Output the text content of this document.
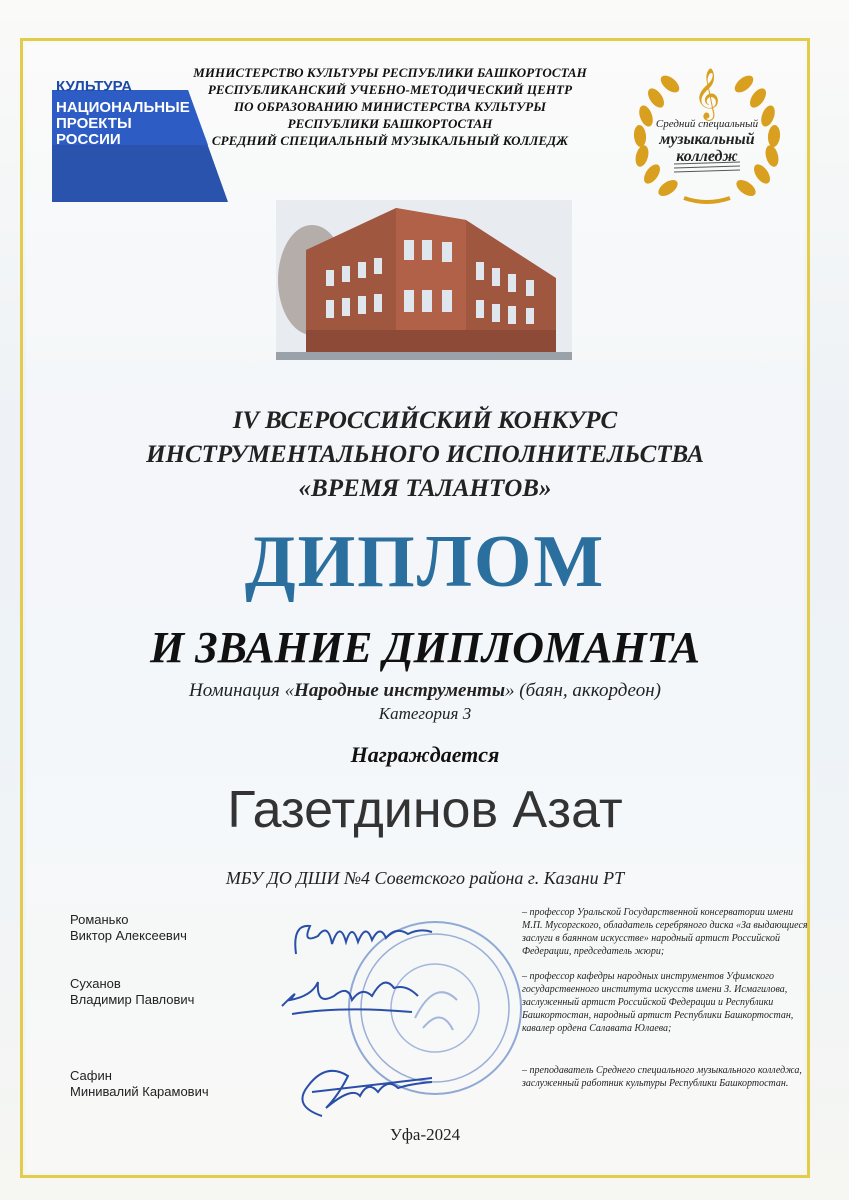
КУЛЬТУРА
НАЦИОНАЛЬНЫЕ
ПРОЕКТЫ
РОССИИ
МИНИСТЕРСТВО КУЛЬТУРЫ РЕСПУБЛИКИ БАШКОРТОСТАН
РЕСПУБЛИКАНСКИЙ УЧЕБНО-МЕТОДИЧЕСКИЙ ЦЕНТР
ПО ОБРАЗОВАНИЮ МИНИСТЕРСТВА КУЛЬТУРЫ
РЕСПУБЛИКИ БАШКОРТОСТАН
СРЕДНИЙ СПЕЦИАЛЬНЫЙ МУЗЫКАЛЬНЫЙ КОЛЛЕДЖ
𝄞
Средний специальный
музыкальный
колледж
IV ВСЕРОССИЙСКИЙ КОНКУРС
ИНСТРУМЕНТАЛЬНОГО ИСПОЛНИТЕЛЬСТВА
«ВРЕМЯ ТАЛАНТОВ»
ДИПЛОМ
И ЗВАНИЕ ДИПЛОМАНТА
Номинация «Народные инструменты» (баян, аккордеон)
Категория 3
Награждается
Газетдинов Азат
МБУ ДО ДШИ №4 Советского района г. Казани РТ
Романько
Виктор Алексеевич
– профессор Уральской Государственной консерватории имени М.П. Мусоргского, обладатель серебряного диска «За выдающиеся заслуги в баянном искусстве» народный артист Российской Федерации, председатель жюри;
Суханов
Владимир Павлович
– профессор кафедры народных инструментов Уфимского государственного института искусств имени З. Исмагилова, заслуженный артист Российской Федерации и Республики Башкортостан, народный артист Республики Башкортостан, кавалер ордена Салавата Юлаева;
Сафин
Минивалий Карамович
– преподаватель Среднего специального музыкального колледжа, заслуженный работник культуры Республики Башкортостан.
Уфа-2024
